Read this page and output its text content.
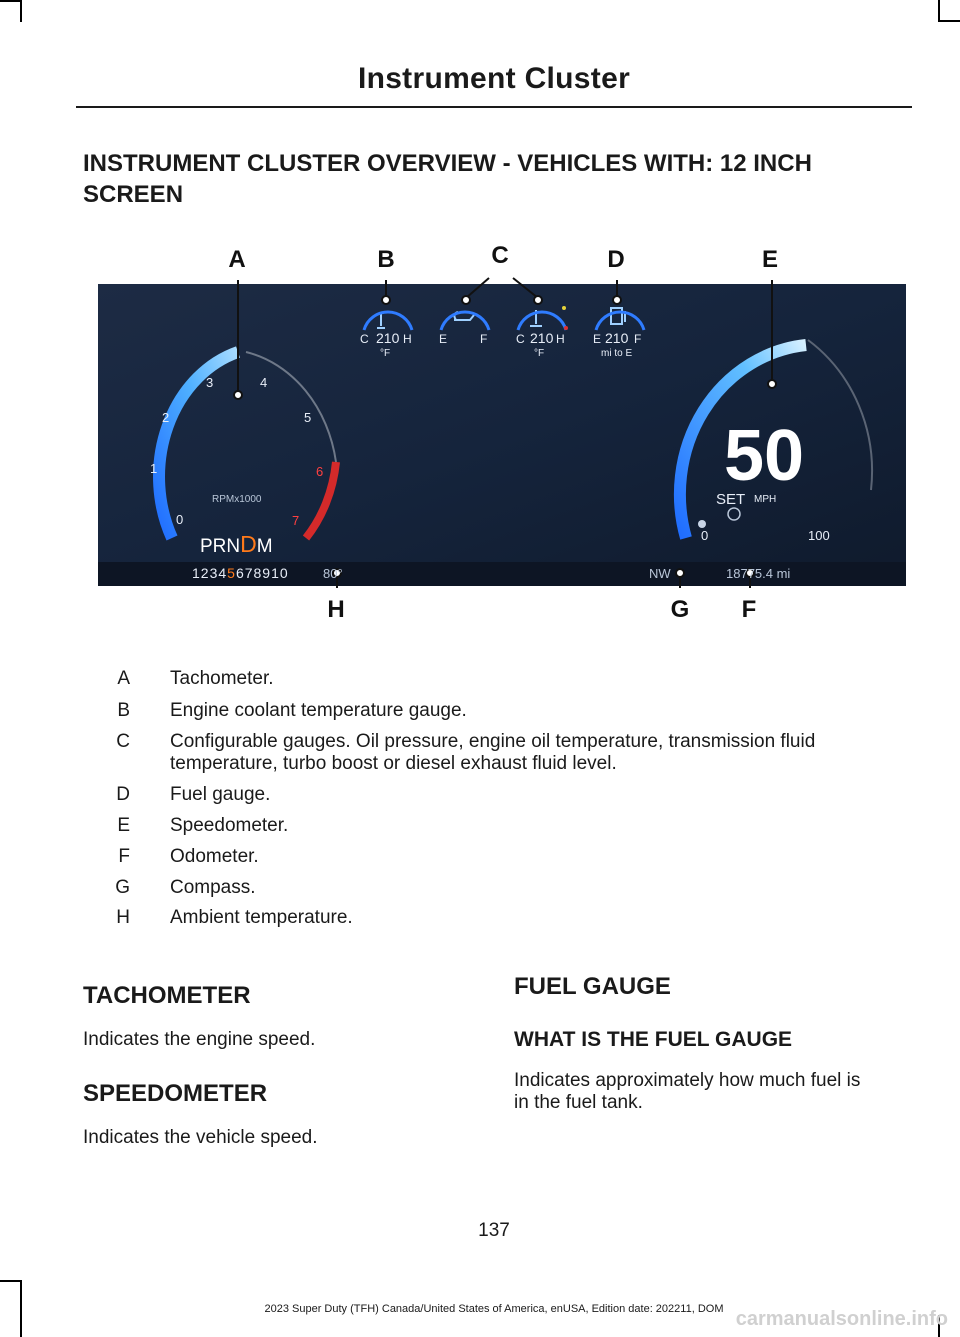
Instrument Cluster
INSTRUMENT CLUSTER OVERVIEW - VEHICLES WITH: 12 INCH SCREEN
0
1
2
3	4
5
6
7
RPMx1000
PRNDM
12345678910	80°
C 210 H
°F
E	F C 210 H
°F
E 210 F
mi to E
50
SET MPH
0	100
NW	18775.4 mi
A	B	C	D	E
H	G F
A Tachometer.
B Engine coolant temperature gauge.
C Configurable gauges. Oil pressure, engine oil temperature, transmission fluid
temperature, turbo boost or diesel exhaust fluid level.
D Fuel gauge.
E Speedometer.
F Odometer.
G Compass.
H Ambient temperature.
TACHOMETER
Indicates the engine speed.
SPEEDOMETER
Indicates the vehicle speed.
FUEL GAUGE
WHAT IS THE FUEL GAUGE
Indicates approximately how much fuel is
in the fuel tank.
137
2023 Super Duty (TFH) Canada/United States of America, enUSA, Edition date: 202211, DOM carmanualsonline.info
